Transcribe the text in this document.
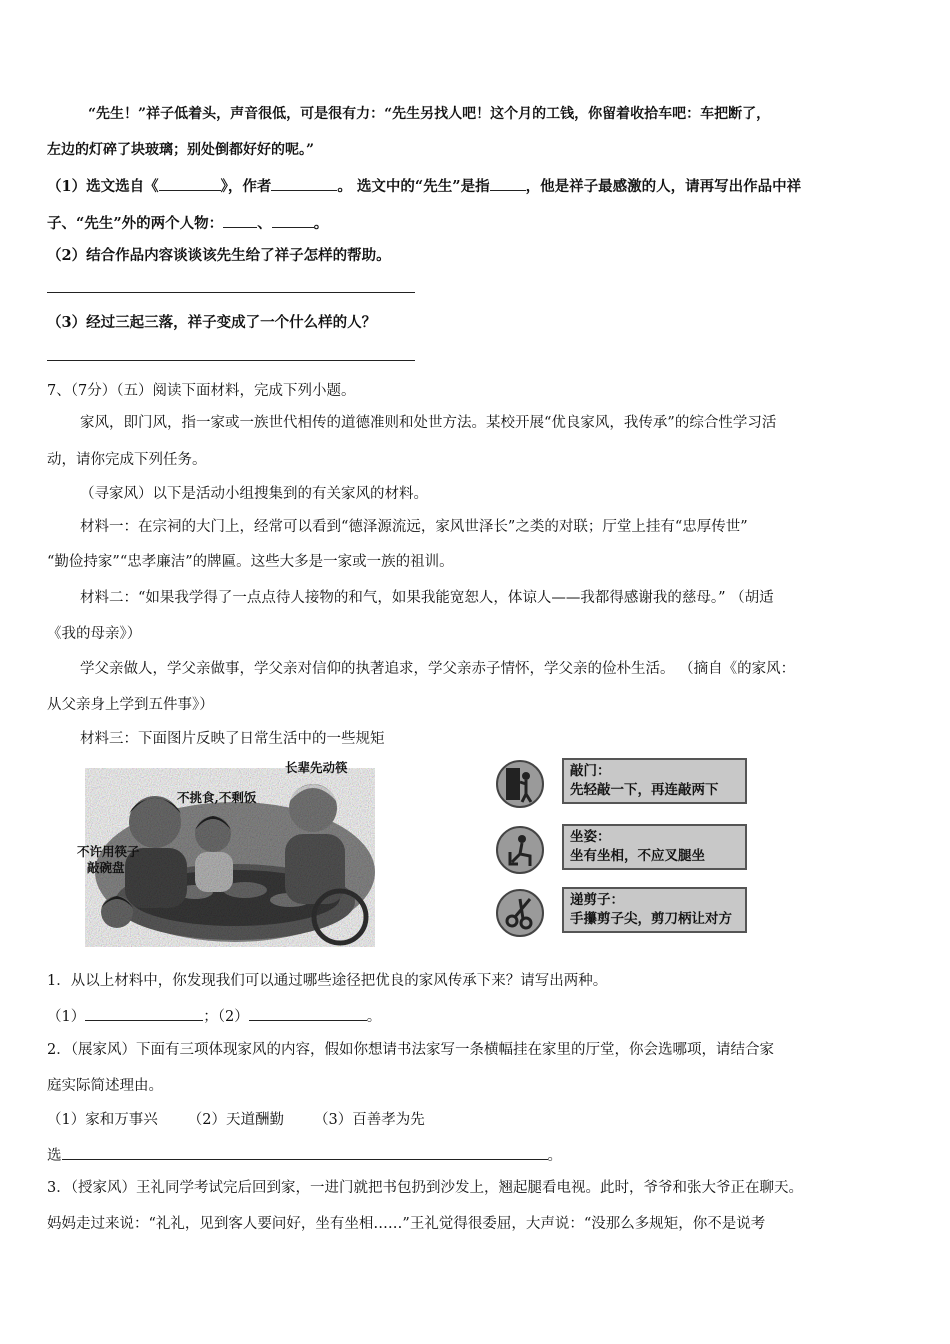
“先生！”祥子低着头，声音很低，可是很有力：“先生另找人吧！这个月的工钱，你留着收拾车吧：车把断了，
左边的灯碎了块玻璃；别处倒都好好的呢。”
（1）选文选自《	》，作者	。 选文中的“先生”是指 ，他是祥子最感激的人，请再写出作品中祥
子、“先生”外的两个人物： 、	。
（2）结合作品内容谈谈该先生给了祥子怎样的帮助。
（3）经过三起三落，祥子变成了一个什么样的人？
7、（7分）（五）阅读下面材料，完成下列小题。
家风，即门风，指一家或一族世代相传的道德准则和处世方法。某校开展“优良家风，我传承”的综合性学习活
动，请你完成下列任务。
（寻家风）以下是活动小组搜集到的有关家风的材料。
材料一：在宗祠的大门上，经常可以看到“德泽源流远，家风世泽长”之类的对联；厅堂上挂有“忠厚传世”
“勤俭持家”“忠孝廉洁”的牌匾。这些大多是一家或一族的祖训。
材料二：“如果我学得了一点点待人接物的和气，如果我能宽恕人，体谅人——我都得感谢我的慈母。” （胡适
《我的母亲》）
学父亲做人，学父亲做事，学父亲对信仰的执著追求，学父亲赤子情怀，学父亲的俭朴生活。 （摘自《的家风：
从父亲身上学到五件事》）
材料三：下面图片反映了日常生活中的一些规矩
长辈先动筷
不挑食,不剩饭
不许用筷子
敲碗盘
敲门：
先轻敲一下，再连敲两下
坐姿：
坐有坐相，不应叉腿坐
递剪子：
手攥剪子尖，剪刀柄让对方
1．从以上材料中，你发现我们可以通过哪些途径把优良的家风传承下来？请写出两种。
（1）	；（2）	。
2．（展家风）下面有三项体现家风的内容，假如你想请书法家写一条横幅挂在家里的厅堂，你会选哪项，请结合家
庭实际简述理由。
（1）家和万事兴 （2）天道酬勤 （3）百善孝为先
选	。
3．（授家风）王礼同学考试完后回到家，一进门就把书包扔到沙发上，翘起腿看电视。此时，爷爷和张大爷正在聊天。
妈妈走过来说：“礼礼，见到客人要问好，坐有坐相……”王礼觉得很委屈，大声说：“没那么多规矩，你不是说考
